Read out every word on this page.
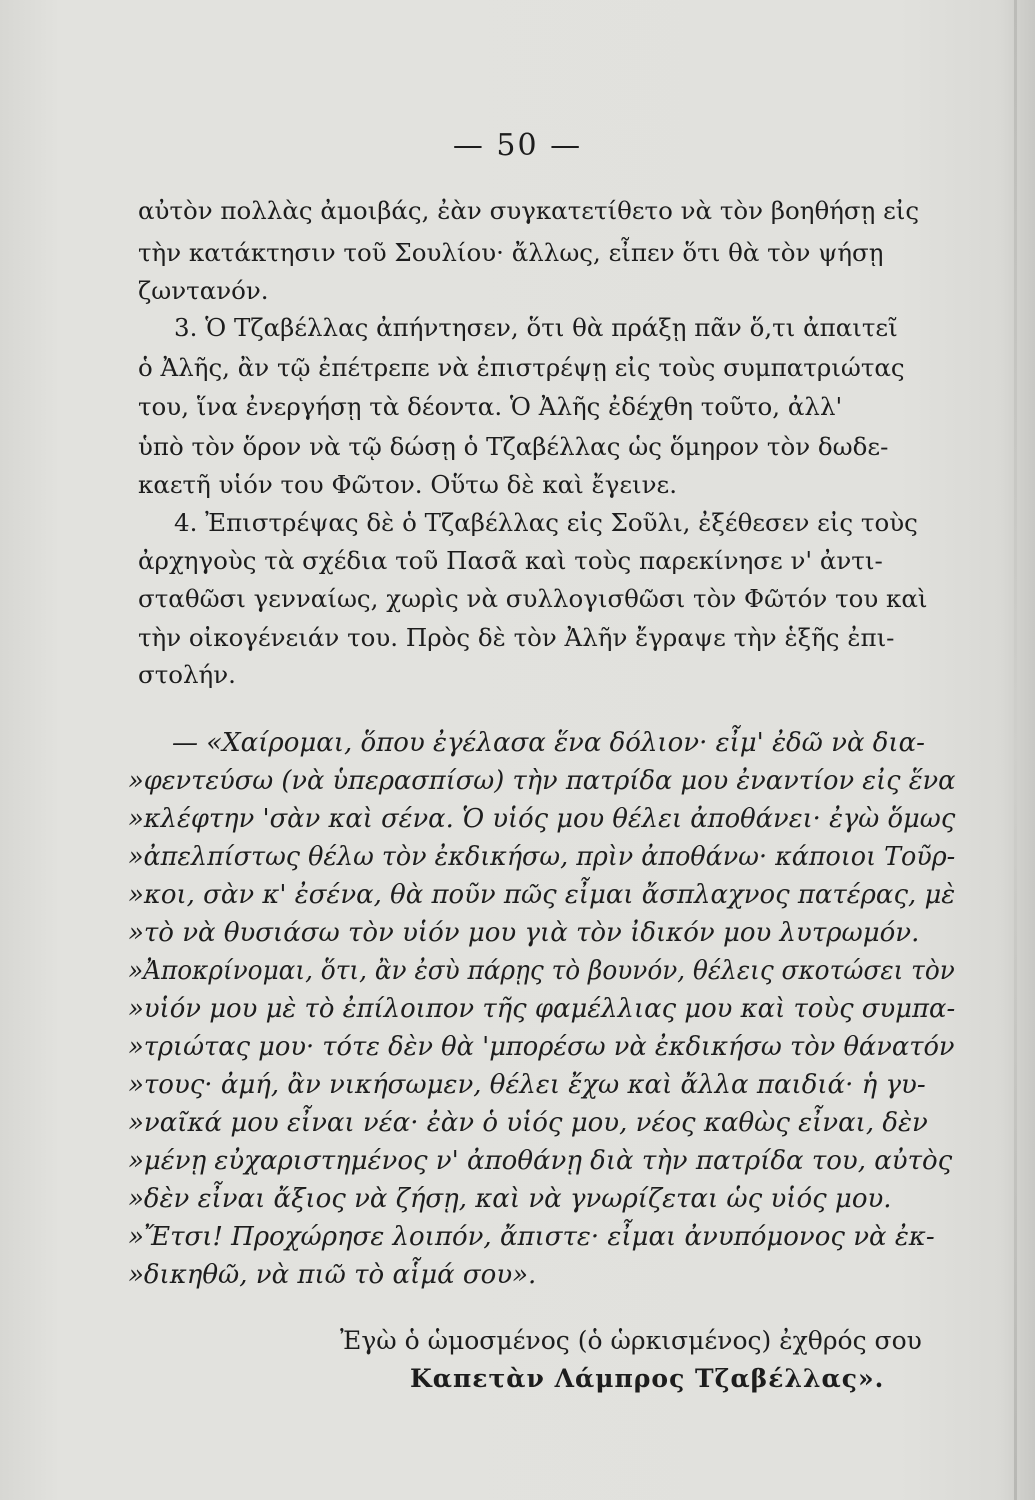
— 50 —
αὐτὸν πολλὰς ἀμοιβάς, ἐὰν συγκατετίθετο νὰ τὸν βοηθήσῃ εἰς
τὴν κατάκτησιν τοῦ Σουλίου· ἄλλως, εἶπεν ὅτι θὰ τὸν ψήσῃ
ζωντανόν.
3. Ὁ Τζαβέλλας ἀπήντησεν, ὅτι θὰ πράξῃ πᾶν ὅ,τι ἀπαιτεῖ
ὁ Ἀλῆς, ἂν τῷ ἐπέτρεπε νὰ ἐπιστρέψῃ εἰς τοὺς συμπατριώτας
του, ἵνα ἐνεργήσῃ τὰ δέοντα. Ὁ Ἀλῆς ἐδέχθη τοῦτο, ἀλλ'
ὑπὸ τὸν ὅρον νὰ τῷ δώσῃ ὁ Τζαβέλλας ὡς ὅμηρον τὸν δωδε-
καετῆ υἱόν του Φῶτον. Οὕτω δὲ καὶ ἔγεινε.
4. Ἐπιστρέψας δὲ ὁ Τζαβέλλας εἰς Σοῦλι, ἐξέθεσεν εἰς τοὺς
ἀρχηγοὺς τὰ σχέδια τοῦ Πασᾶ καὶ τοὺς παρεκίνησε ν' ἀντι-
σταθῶσι γενναίως, χωρὶς νὰ συλλογισθῶσι τὸν Φῶτόν του καὶ
τὴν οἰκογένειάν του. Πρὸς δὲ τὸν Ἀλῆν ἔγραψε τὴν ἑξῆς ἐπι-
στολήν.
— «Χαίρομαι, ὅπου ἐγέλασα ἕνα δόλιον· εἶμ' ἐδῶ νὰ δια-
»φεντεύσω (νὰ ὑπερασπίσω) τὴν πατρίδα μου ἐναντίον εἰς ἕνα
»κλέφτην 'σὰν καὶ σένα. Ὁ υἱός μου θέλει ἀποθάνει· ἐγὼ ὅμως
»ἀπελπίστως θέλω τὸν ἐκδικήσω, πρὶν ἀποθάνω· κάποιοι Τοῦρ-
»κοι, σὰν κ' ἐσένα, θὰ ποῦν πῶς εἶμαι ἄσπλαχνος πατέρας, μὲ
»τὸ νὰ θυσιάσω τὸν υἱόν μου γιὰ τὸν ἰδικόν μου λυτρωμόν.
»Ἀποκρίνομαι, ὅτι, ἂν ἐσὺ πάρῃς τὸ βουνόν, θέλεις σκοτώσει τὸν
»υἱόν μου μὲ τὸ ἐπίλοιπον τῆς φαμέλλιας μου καὶ τοὺς συμπα-
»τριώτας μου· τότε δὲν θὰ 'μπορέσω νὰ ἐκδικήσω τὸν θάνατόν
»τους· ἀμή, ἂν νικήσωμεν, θέλει ἔχω καὶ ἄλλα παιδιά· ἡ γυ-
»ναῖκά μου εἶναι νέα· ἐὰν ὁ υἱός μου, νέος καθὼς εἶναι, δὲν
»μένῃ εὐχαριστημένος ν' ἀποθάνῃ διὰ τὴν πατρίδα του, αὐτὸς
»δὲν εἶναι ἄξιος νὰ ζήσῃ, καὶ νὰ γνωρίζεται ὡς υἱός μου.
»Ἔτσι! Προχώρησε λοιπόν, ἄπιστε· εἶμαι ἀνυπόμονος νὰ ἐκ-
»δικηθῶ, νὰ πιῶ τὸ αἷμά σου».
Ἐγὼ ὁ ὡμοσμένος (ὁ ὡρκισμένος) ἐχθρός σου
Καπετὰν Λάμπρος Τζαβέλλας».
